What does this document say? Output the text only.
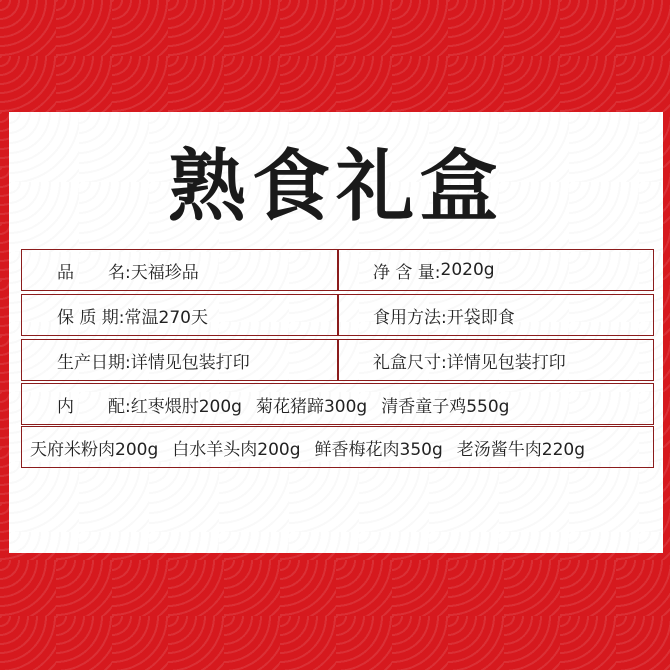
熟食礼盒
品　　名: 天福珍品	净 含 量: 2020g
保 质 期: 常温270天	食用方法: 开袋即食
生产日期: 详情见包装打印	礼盒尺寸: 详情见包装打印
内　　配: 红枣煨肘200g 菊花猪蹄300g 清香童子鸡550g
天府米粉肉200g 白水羊头肉200g 鲜香梅花肉350g 老汤酱牛肉220g
